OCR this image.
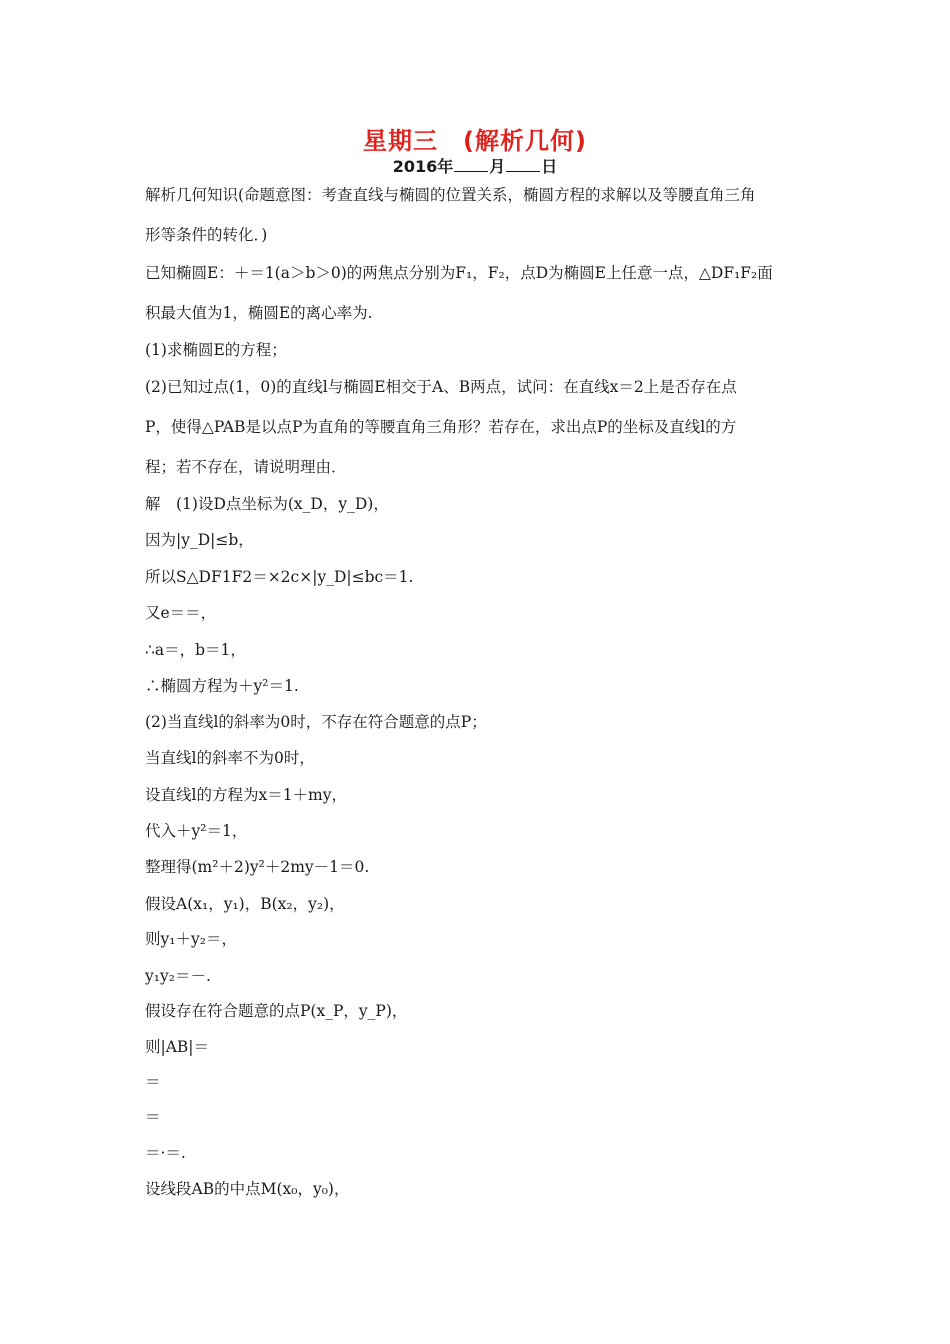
星期三　(解析几何)
2016年 月 日
解析几何知识(命题意图：考查直线与椭圆的位置关系，椭圆方程的求解以及等腰直角三角
形等条件的转化．)
已知椭圆E：＋＝1(a＞b＞0)的两焦点分别为F₁，F₂，点D为椭圆E上任意一点，△DF₁F₂面
积最大值为1，椭圆E的离心率为.
(1)求椭圆E的方程；
(2)已知过点(1，0)的直线l与椭圆E相交于A、B两点，试问：在直线x＝2上是否存在点
P，使得△PAB是以点P为直角的等腰直角三角形？若存在，求出点P的坐标及直线l的方
程；若不存在，请说明理由．
解　(1)设D点坐标为(x_D，y_D)，
因为|y_D|≤b，
所以S△DF1F2＝×2c×|y_D|≤bc＝1.
又e＝＝，
∴a＝，b＝1，
∴椭圆方程为＋y²＝1.
(2)当直线l的斜率为0时，不存在符合题意的点P；
当直线l的斜率不为0时，
设直线l的方程为x＝1＋my，
代入＋y²＝1，
整理得(m²＋2)y²＋2my－1＝0.
假设A(x₁，y₁)，B(x₂，y₂)，
则y₁＋y₂＝，
y₁y₂＝－.
假设存在符合题意的点P(x_P，y_P)，
则|AB|＝
＝
＝
＝·＝.
设线段AB的中点M(x₀，y₀)，
